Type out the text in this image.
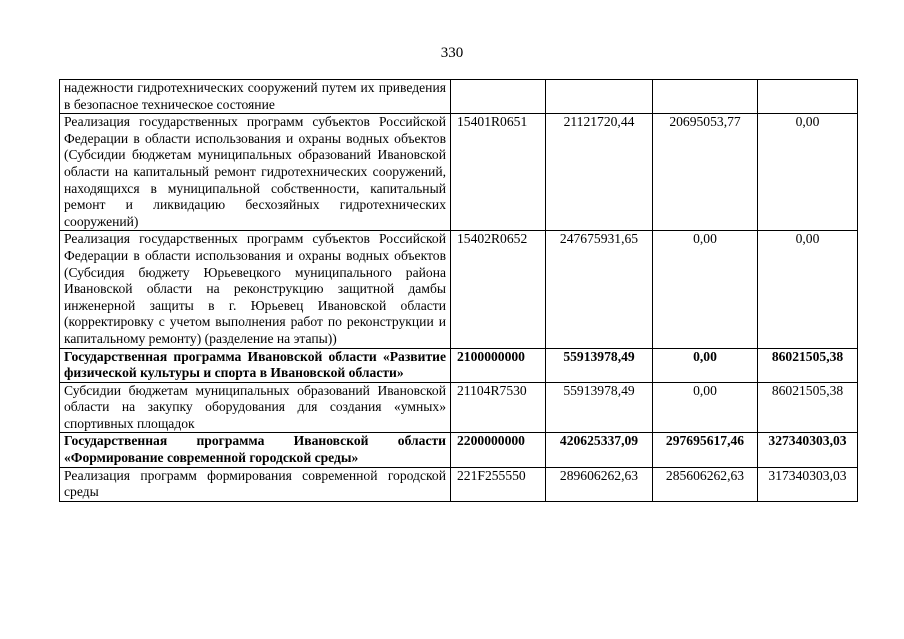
330
надежности гидротехнических сооружений путем их приведения в безопасное техническое состояние				
Реализация государственных программ субъектов Российской Федерации в области использования и охраны водных объектов (Субсидии бюджетам муниципальных образований Ивановской области на капитальный ремонт гидротехнических сооружений, находящихся в муниципальной собственности, капитальный ремонт и ликвидацию бесхозяйных гидротехнических сооружений)	15401R0651	21121720,44	20695053,77	0,00
Реализация государственных программ субъектов Российской Федерации в области использования и охраны водных объектов (Субсидия бюджету Юрьевецкого муниципального района Ивановской области на реконструкцию защитной дамбы инженерной защиты в г. Юрьевец Ивановской области (корректировку с учетом выполнения работ по реконструкции и капитальному ремонту) (разделение на этапы))	15402R0652	247675931,65	0,00	0,00
Государственная программа Ивановской области «Развитие физической культуры и спорта в Ивановской области»	2100000000	55913978,49	0,00	86021505,38
Субсидии бюджетам муниципальных образований Ивановской области на закупку оборудования для создания «умных» спортивных площадок	21104R7530	55913978,49	0,00	86021505,38
Государственная программа Ивановской области «Формирование современной городской среды»	2200000000	420625337,09	297695617,46	327340303,03
Реализация программ формирования современной городской среды	221F255550	289606262,63	285606262,63	317340303,03
